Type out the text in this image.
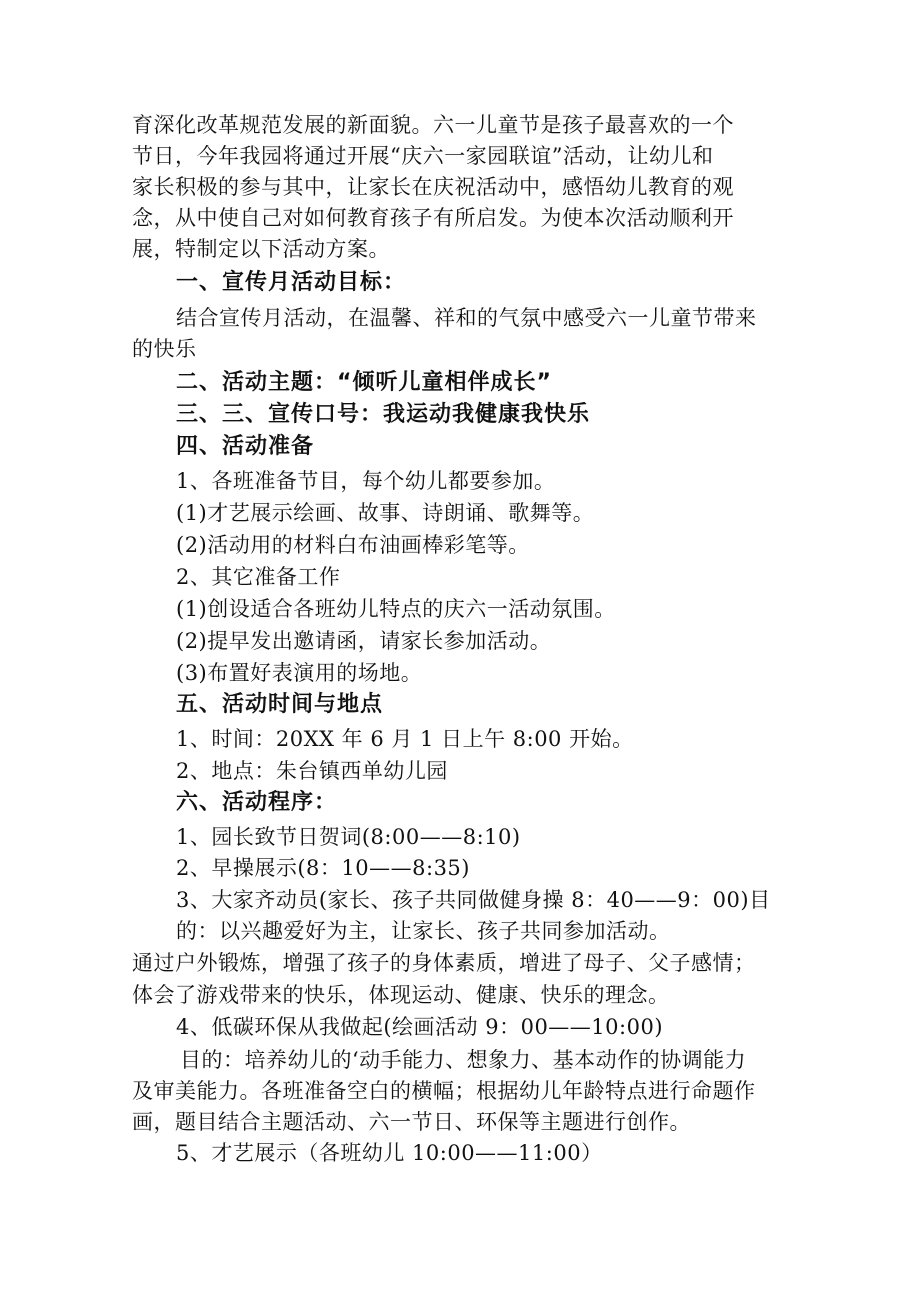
育深化改革规范发展的新面貌。六一儿童节是孩子最喜欢的一个
节日，今年我园将通过开展“庆六一家园联谊”活动，让幼儿和
家长积极的参与其中，让家长在庆祝活动中，感悟幼儿教育的观
念，从中使自己对如何教育孩子有所启发。为使本次活动顺利开
展，特制定以下活动方案。
一、宣传月活动目标：
结合宣传月活动，在温馨、祥和的气氛中感受六一儿童节带来
的快乐
二、活动主题：“倾听儿童相伴成长”
三、三、宣传口号：我运动我健康我快乐
四、活动准备
1、各班准备节目，每个幼儿都要参加。
(1)才艺展示绘画、故事、诗朗诵、歌舞等。
(2)活动用的材料白布油画棒彩笔等。
2、其它准备工作
(1)创设适合各班幼儿特点的庆六一活动氛围。
(2)提早发出邀请函，请家长参加活动。
(3)布置好表演用的场地。
五、活动时间与地点
1、时间：20XX 年 6 月 1 日上午 8:00 开始。
2、地点：朱台镇西单幼儿园
六、活动程序：
1、园长致节日贺词(8:00——8:10)
2、早操展示(8：10——8:35)
3、大家齐动员(家长、孩子共同做健身操 8：40——9：00)目
的：以兴趣爱好为主，让家长、孩子共同参加活动。
通过户外锻炼，增强了孩子的身体素质，增进了母子、父子感情；
体会了游戏带来的快乐，体现运动、健康、快乐的理念。
4、低碳环保从我做起(绘画活动 9：00——10:00)
目的：培养幼儿的‘动手能力、想象力、基本动作的协调能力
及审美能力。各班准备空白的横幅；根据幼儿年龄特点进行命题作
画，题目结合主题活动、六一节日、环保等主题进行创作。
5、才艺展示（各班幼儿 10:00——11:00）
